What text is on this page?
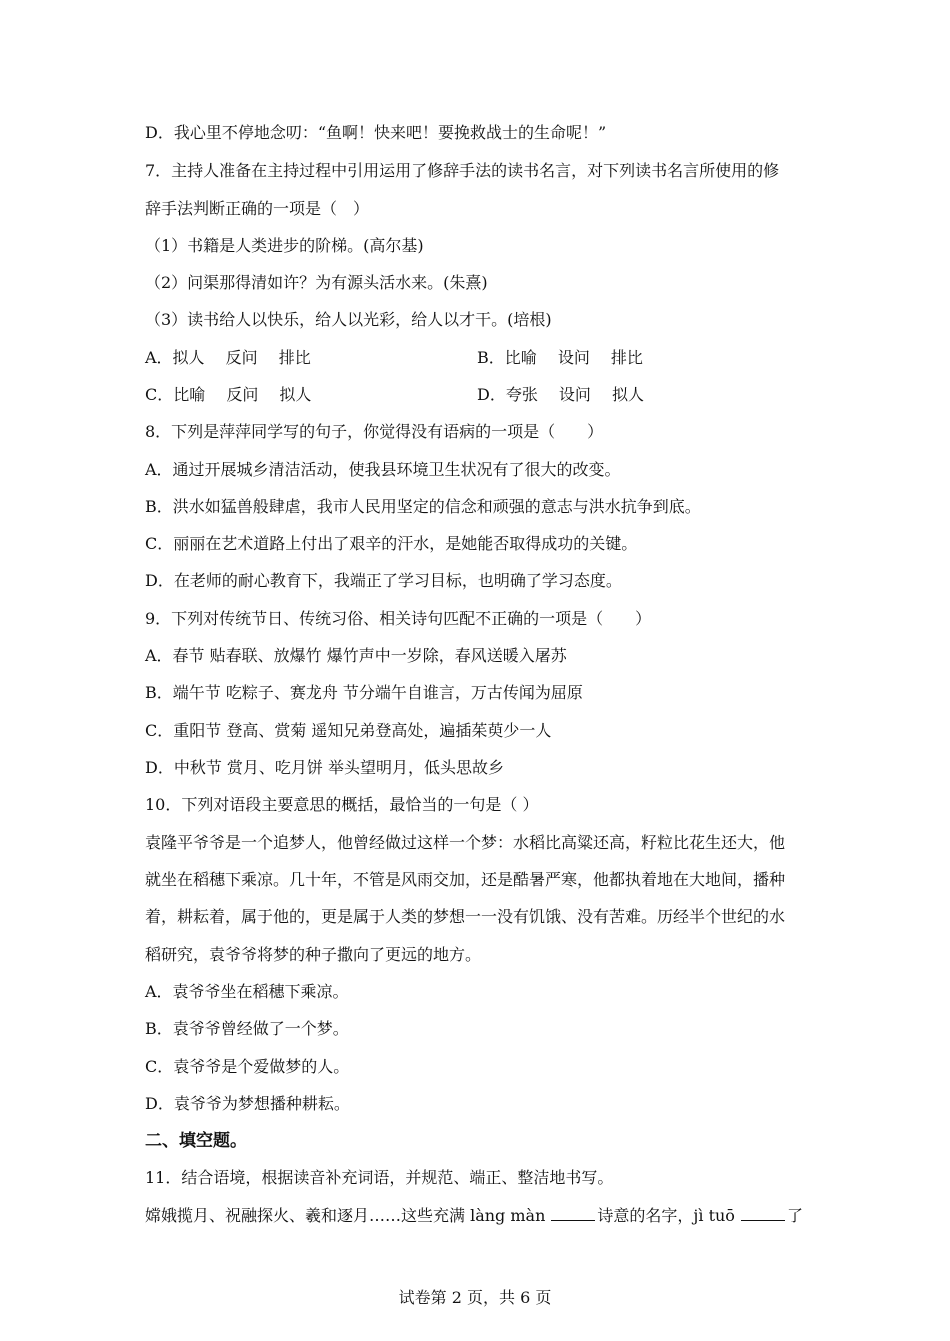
D．我心里不停地念叨：“鱼啊！快来吧！要挽救战士的生命呢！”
7．主持人准备在主持过程中引用运用了修辞手法的读书名言，对下列读书名言所使用的修
辞手法判断正确的一项是（　）
（1）书籍是人类进步的阶梯。(高尔基)
（2）问渠那得清如许？为有源头活水来。(朱熹)
（3）读书给人以快乐，给人以光彩，给人以才干。(培根)
A．拟人　 反问　 排比	B．比喻　 设问　 排比
C．比喻　 反问　 拟人	D．夸张　 设问　 拟人
8．下列是萍萍同学写的句子，你觉得没有语病的一项是（　　）
A．通过开展城乡清洁活动，使我县环境卫生状况有了很大的改变。
B．洪水如猛兽般肆虐，我市人民用坚定的信念和顽强的意志与洪水抗争到底。
C．丽丽在艺术道路上付出了艰辛的汗水，是她能否取得成功的关键。
D．在老师的耐心教育下，我端正了学习目标，也明确了学习态度。
9．下列对传统节日、传统习俗、相关诗句匹配不正确的一项是（　　）
A．春节 贴春联、放爆竹 爆竹声中一岁除，春风送暖入屠苏
B．端午节 吃粽子、赛龙舟 节分端午自谁言，万古传闻为屈原
C．重阳节 登高、赏菊 遥知兄弟登高处，遍插茱萸少一人
D．中秋节 赏月、吃月饼 举头望明月，低头思故乡
10．下列对语段主要意思的概括，最恰当的一句是（ ）
袁隆平爷爷是一个追梦人，他曾经做过这样一个梦：水稻比高粱还高，籽粒比花生还大，他
就坐在稻穗下乘凉。几十年，不管是风雨交加，还是酷暑严寒，他都执着地在大地间，播种
着，耕耘着，属于他的，更是属于人类的梦想一一没有饥饿、没有苦难。历经半个世纪的水
稻研究，袁爷爷将梦的种子撒向了更远的地方。
A．袁爷爷坐在稻穗下乘凉。
B．袁爷爷曾经做了一个梦。
C．袁爷爷是个爱做梦的人。
D．袁爷爷为梦想播种耕耘。
二、填空题。
11．结合语境，根据读音补充词语，并规范、端正、整洁地书写。
嫦娥揽月、祝融探火、羲和逐月……这些充满 làng màn	诗意的名字，jì tuō	了
试卷第 2 页，共 6 页
